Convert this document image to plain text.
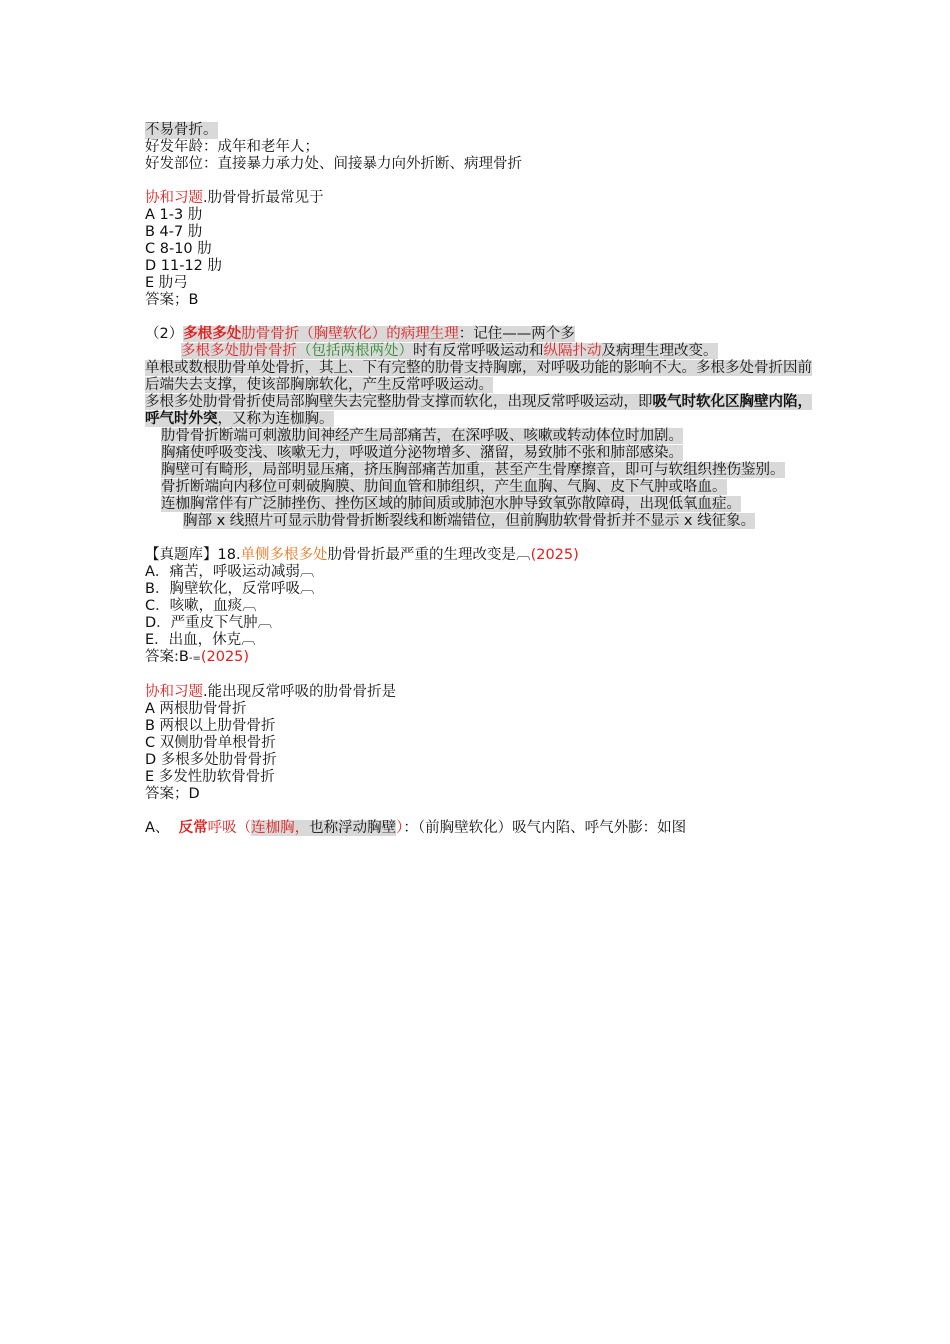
不易骨折。
好发年龄：成年和老年人；
好发部位：直接暴力承力处、间接暴力向外折断、病理骨折
协和习题.肋骨骨折最常见于
A 1-3 肋
B 4-7 肋
C 8-10 肋
D 11-12 肋
E 肋弓
答案；B
（2）多根多处肋骨骨折（胸壁软化）的病理生理：记住——两个多
多根多处肋骨骨折（包括两根两处）时有反常呼吸运动和纵隔扑动及病理生理改变。
单根或数根肋骨单处骨折，其上、下有完整的肋骨支持胸廓，对呼吸功能的影响不大。多根多处骨折因前后端失去支撑，使该部胸廓软化，产生反常呼吸运动。
多根多处肋骨骨折使局部胸壁失去完整肋骨支撑而软化，出现反常呼吸运动，即吸气时软化区胸壁内陷，呼气时外突，又称为连枷胸。
肋骨骨折断端可刺激肋间神经产生局部痛苦，在深呼吸、咳嗽或转动体位时加剧。
胸痛使呼吸变浅、咳嗽无力，呼吸道分泌物增多、潴留，易致肺不张和肺部感染。
胸壁可有畸形，局部明显压痛，挤压胸部痛苦加重，甚至产生骨摩擦音，即可与软组织挫伤鉴别。
骨折断端向内移位可刺破胸膜、肋间血管和肺组织，产生血胸、气胸、皮下气肿或咯血。
连枷胸常伴有广泛肺挫伤、挫伤区域的肺间质或肺泡水肿导致氧弥散障碍，出现低氧血症。
胸部 x 线照片可显示肋骨骨折断裂线和断端错位，但前胸肋软骨骨折并不显示 x 线征象。
【真题库】18.单侧多根多处肋骨骨折最严重的生理改变是︹(2025)
A．痛苦，呼吸运动减弱︹
B．胸壁软化，反常呼吸︹
C．咳嗽，血痰︹
D．严重皮下气肿︹
E．出血，休克︹
答案:B-=(2025)
协和习题.能出现反常呼吸的肋骨骨折是
A 两根肋骨骨折
B 两根以上肋骨骨折
C 双侧肋骨单根骨折
D 多根多处肋骨骨折
E 多发性肋软骨骨折
答案；D
A、 反常呼吸（连枷胸，也称浮动胸壁）：（前胸壁软化）吸气内陷、呼气外膨：如图
